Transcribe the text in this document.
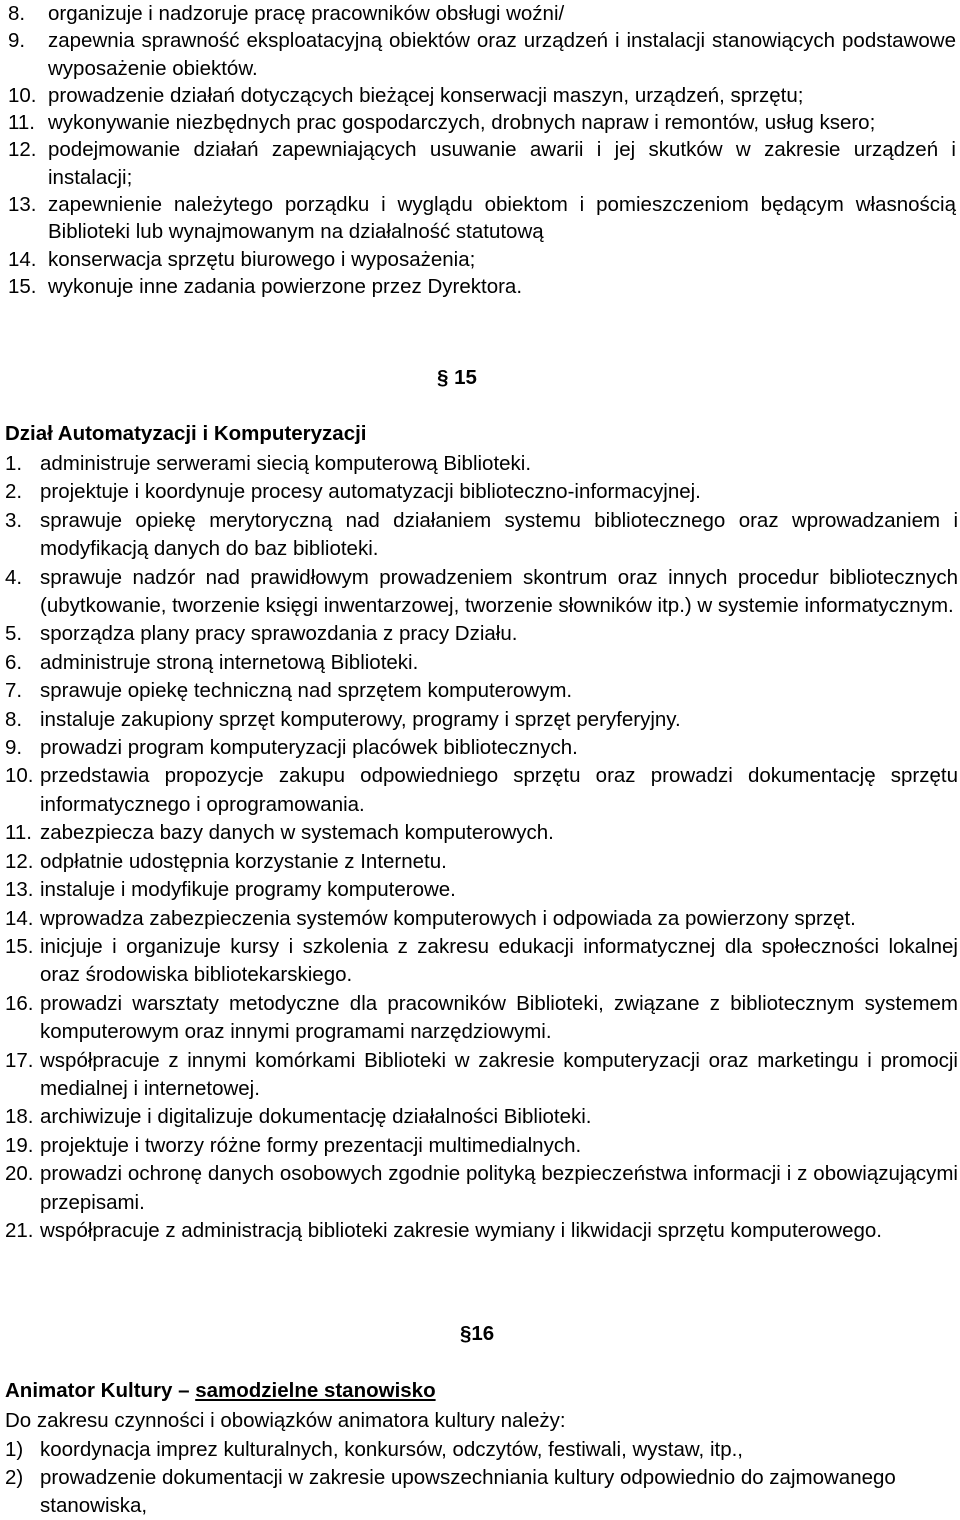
8. organizuje i nadzoruje pracę pracowników obsługi woźni/
9. zapewnia sprawność eksploatacyjną obiektów oraz urządzeń i instalacji stanowiących podstawowe wyposażenie obiektów.
10. prowadzenie działań dotyczących bieżącej konserwacji maszyn, urządzeń, sprzętu;
11. wykonywanie niezbędnych prac gospodarczych, drobnych napraw i remontów, usług ksero;
12. podejmowanie działań zapewniających usuwanie awarii i jej skutków w zakresie urządzeń i instalacji;
13. zapewnienie należytego porządku i wyglądu obiektom i pomieszczeniom będącym własnością Biblioteki lub wynajmowanym na działalność statutową
14. konserwacja sprzętu biurowego i wyposażenia;
15. wykonuje inne zadania powierzone przez Dyrektora.
§ 15
Dział Automatyzacji i Komputeryzacji
1. administruje serwerami siecią komputerową Biblioteki.
2. projektuje i koordynuje procesy automatyzacji biblioteczno-informacyjnej.
3. sprawuje opiekę merytoryczną nad działaniem systemu bibliotecznego oraz wprowadzaniem i modyfikacją danych do baz biblioteki.
4. sprawuje nadzór nad prawidłowym prowadzeniem skontrum oraz innych procedur bibliotecznych (ubytkowanie, tworzenie księgi inwentarzowej, tworzenie słowników itp.) w systemie informatycznym.
5. sporządza plany pracy sprawozdania z pracy Działu.
6. administruje stroną internetową Biblioteki.
7. sprawuje opiekę techniczną nad sprzętem komputerowym.
8. instaluje zakupiony sprzęt komputerowy, programy i sprzęt peryferyjny.
9. prowadzi program komputeryzacji placówek bibliotecznych.
10. przedstawia propozycje zakupu odpowiedniego sprzętu oraz prowadzi dokumentację sprzętu informatycznego i oprogramowania.
11. zabezpiecza bazy danych w systemach komputerowych.
12. odpłatnie udostępnia korzystanie z Internetu.
13. instaluje i modyfikuje programy komputerowe.
14. wprowadza zabezpieczenia systemów komputerowych i odpowiada za powierzony sprzęt.
15. inicjuje i organizuje kursy i szkolenia z zakresu edukacji informatycznej dla społeczności lokalnej oraz środowiska bibliotekarskiego.
16. prowadzi warsztaty metodyczne dla pracowników Biblioteki, związane z bibliotecznym systemem komputerowym oraz innymi programami narzędziowymi.
17. współpracuje z innymi komórkami Biblioteki w zakresie komputeryzacji oraz marketingu i promocji medialnej i internetowej.
18. archiwizuje i digitalizuje dokumentację działalności Biblioteki.
19. projektuje i tworzy różne formy prezentacji multimedialnych.
20. prowadzi ochronę danych osobowych zgodnie polityką bezpieczeństwa informacji i z obowiązującymi przepisami.
21. współpracuje z administracją biblioteki zakresie wymiany i likwidacji sprzętu komputerowego.
§16
Animator Kultury – samodzielne stanowisko
Do zakresu czynności i obowiązków animatora kultury należy:
1) koordynacja imprez kulturalnych, konkursów, odczytów, festiwali, wystaw, itp.,
2) prowadzenie dokumentacji w zakresie upowszechniania kultury odpowiednio do zajmowanego stanowiska,
